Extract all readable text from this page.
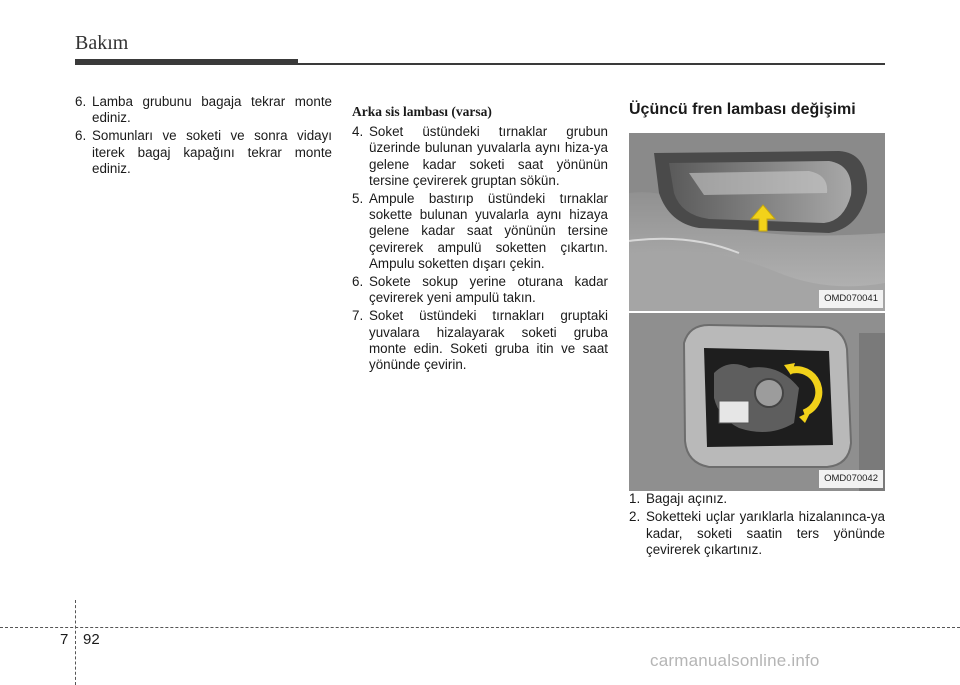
Bakım
6. Lamba grubunu bagaja tekrar monte ediniz.
6. Somunları ve soketi ve sonra vidayı iterek bagaj kapağını tekrar monte ediniz.
Arka sis lambası (varsa)
4. Soket üstündeki tırnaklar grubun üzerinde bulunan yuvalarla aynı hiza-ya gelene kadar soketi saat yönünün tersine çevirerek gruptan sökün.
5. Ampule bastırıp üstündeki tırnaklar sokette bulunan yuvalarla aynı hizaya gelene kadar saat yönünün tersine çevirerek ampulü soketten çıkartın. Ampulu soketten dışarı çekin.
6. Sokete sokup yerine oturana kadar çevirerek yeni ampulü takın.
7. Soket üstündeki tırnakları gruptaki yuvalara hizalayarak soketi gruba monte edin. Soketi gruba itin ve saat yönünde çevirin.
Üçüncü fren lambası değişimi
OMD070041
OMD070042
1. Bagajı açınız.
2. Soketteki uçlar yarıklarla hizalanınca-ya kadar, soketi saatin ters yönünde çevirerek çıkartınız.
7 92
carmanualsonline.info
